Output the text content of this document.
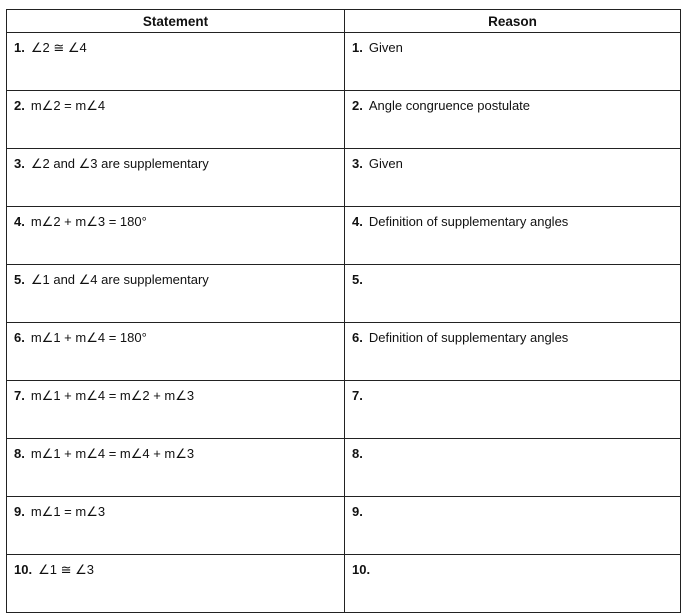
Statement	Reason
1. ∠2 ≅ ∠4	1. Given
2. m∠2 = m∠4	2. Angle congruence postulate
3. ∠2 and ∠3 are supplementary	3. Given
4. m∠2 + m∠3 = 180°	4. Definition of supplementary angles
5. ∠1 and ∠4 are supplementary	5.
6. m∠1 + m∠4 = 180°	6. Definition of supplementary angles
7. m∠1 + m∠4 = m∠2 + m∠3	7.
8. m∠1 + m∠4 = m∠4 + m∠3	8.
9. m∠1 = m∠3	9.
10. ∠1 ≅ ∠3	10.
